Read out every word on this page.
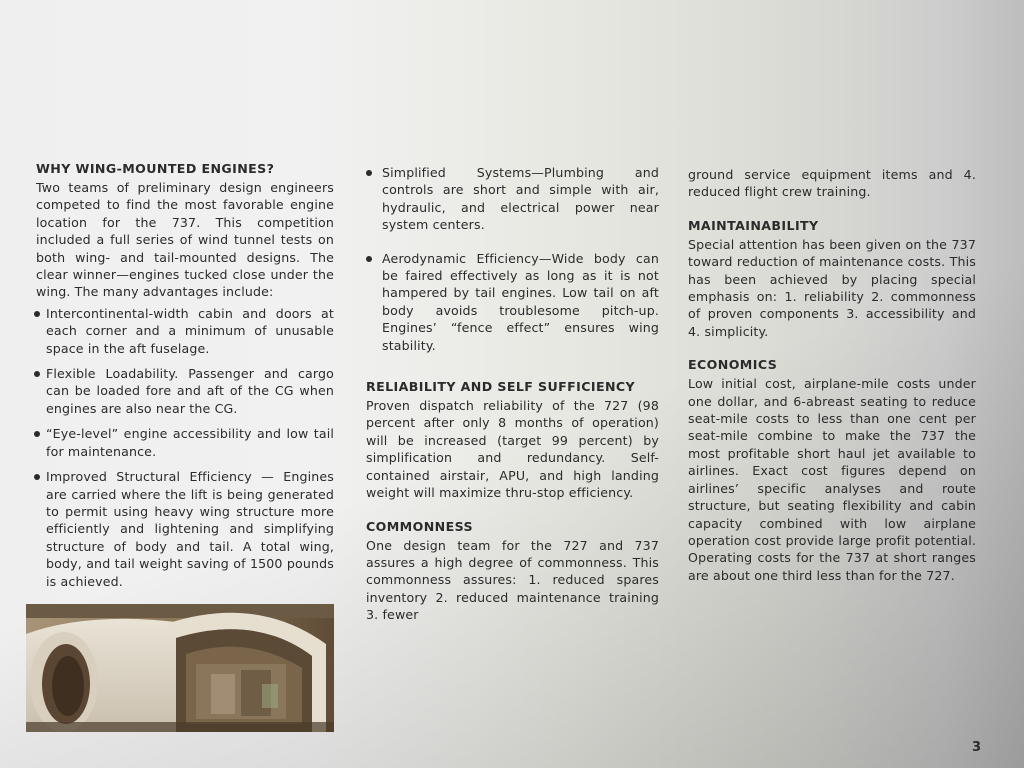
WHY WING-MOUNTED ENGINES?

Two teams of preliminary design engineers competed to find the most favorable engine location for the 737. This competition included a full series of wind tunnel tests on both wing- and tail-mounted designs. The clear winner—engines tucked close under the wing. The many advantages include:

Intercontinental-width cabin and doors at each corner and a minimum of unusable space in the aft fuselage.
Flexible Loadability. Passenger and cargo can be loaded fore and aft of the CG when engines are also near the CG.
“Eye-level” engine accessibility and low tail for maintenance.
Improved Structural Efficiency — Engines are carried where the lift is being generated to permit using heavy wing structure more efficiently and lightening and simplifying structure of body and tail. A total wing, body, and tail weight saving of 1500 pounds is achieved.
Simplified Systems—Plumbing and controls are short and simple with air, hydraulic, and electrical power near system centers.
Aerodynamic Efficiency—Wide body can be faired effectively as long as it is not hampered by tail engines. Low tail on aft body avoids troublesome pitch-up. Engines’ “fence effect” ensures wing stability.
RELIABILITY AND SELF SUFFICIENCY

Proven dispatch reliability of the 727 (98 percent after only 8 months of operation) will be increased (target 99 percent) by simplification and redundancy. Self-contained airstair, APU, and high landing weight will maximize thru-stop efficiency.

COMMONNESS

One design team for the 727 and 737 assures a high degree of commonness. This commonness assures: 1. reduced spares inventory 2. reduced maintenance training 3. fewer

ground service equipment items and 4. reduced flight crew training.

MAINTAINABILITY

Special attention has been given on the 737 toward reduction of maintenance costs. This has been achieved by placing special emphasis on: 1. reliability 2. commonness of proven components 3. accessibility and 4. simplicity.

ECONOMICS

Low initial cost, airplane-mile costs under one dollar, and 6-abreast seating to reduce seat-mile costs to less than one cent per seat-mile combine to make the 737 the most profitable short haul jet available to airlines. Exact cost figures depend on airlines’ specific analyses and route structure, but seating flexibility and cabin capacity combined with low airplane operation cost provide large profit potential. Operating costs for the 737 at short ranges are about one third less than for the 727.

3
